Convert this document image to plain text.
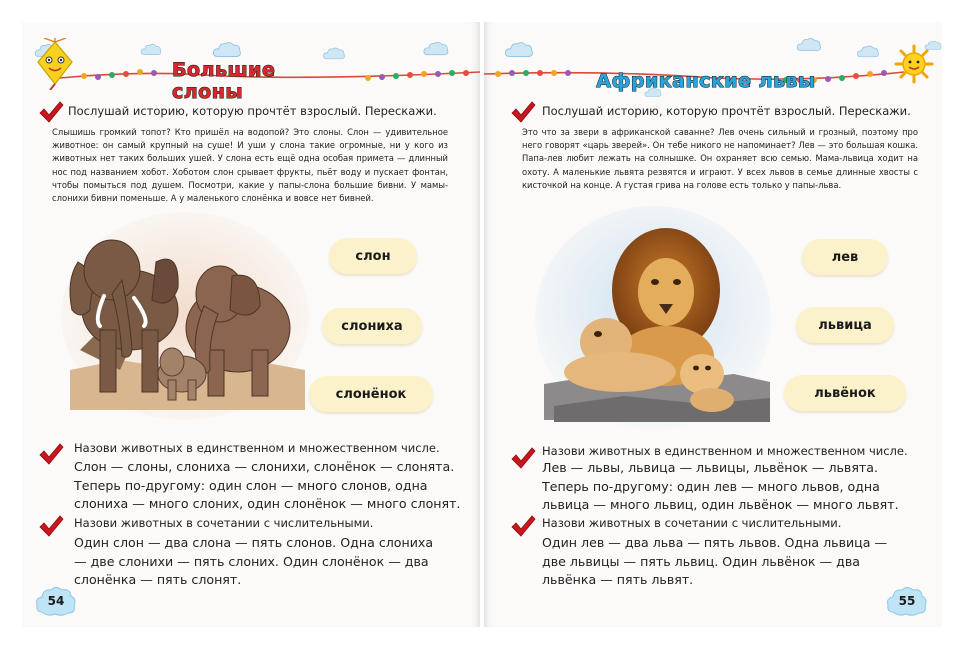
Большие слоны
Послушай историю, которую прочтёт взрослый. Перескажи.
Слышишь громкий топот? Кто пришёл на водопой? Это слоны. Слон — удивительное животное: он самый крупный на суше! И уши у слона такие огромные, ни у кого из животных нет таких больших ушей. У слона есть ещё одна особая примета — длинный нос под названием хобот. Хоботом слон срывает фрукты, пьёт воду и пускает фонтан, чтобы помыться под душем. Посмотри, какие у папы-слона большие бивни. У мамы-слонихи бивни поменьше. А у маленького слонёнка и вовсе нет бивней.
слон
слониха
слонёнок
Назови животных в единственном и множественном числе.
Слон — слоны, слониха — слонихи, слонёнок — слонята. Теперь по-другому: один слон — много слонов, одна слониха — много слоних, один слонёнок — много слонят.
Назови животных в сочетании с числительными.
Один слон — два слона — пять слонов. Одна слониха — две слонихи — пять слоних. Один слонёнок — два слонёнка — пять слонят.
54
Африканские львы
Послушай историю, которую прочтёт взрослый. Перескажи.
Это что за звери в африканской саванне? Лев очень сильный и грозный, поэтому про него говорят «царь зверей». Он тебе никого не напоминает? Лев — это большая кошка. Папа-лев любит лежать на солнышке. Он охраняет всю семью. Мама-львица ходит на охоту. А маленькие львята резвятся и играют. У всех львов в семье длинные хвосты с кисточкой на конце. А густая грива на голове есть только у папы-льва.
лев
львица
львёнок
Назови животных в единственном и множественном числе.
Лев — львы, львица — львицы, львёнок — львята. Теперь по-другому: один лев — много львов, одна львица — много львиц, один львёнок — много львят.
Назови животных в сочетании с числительными.
Один лев — два льва — пять львов. Одна львица — две львицы — пять львиц. Один львёнок — два львёнка — пять львят.
55
